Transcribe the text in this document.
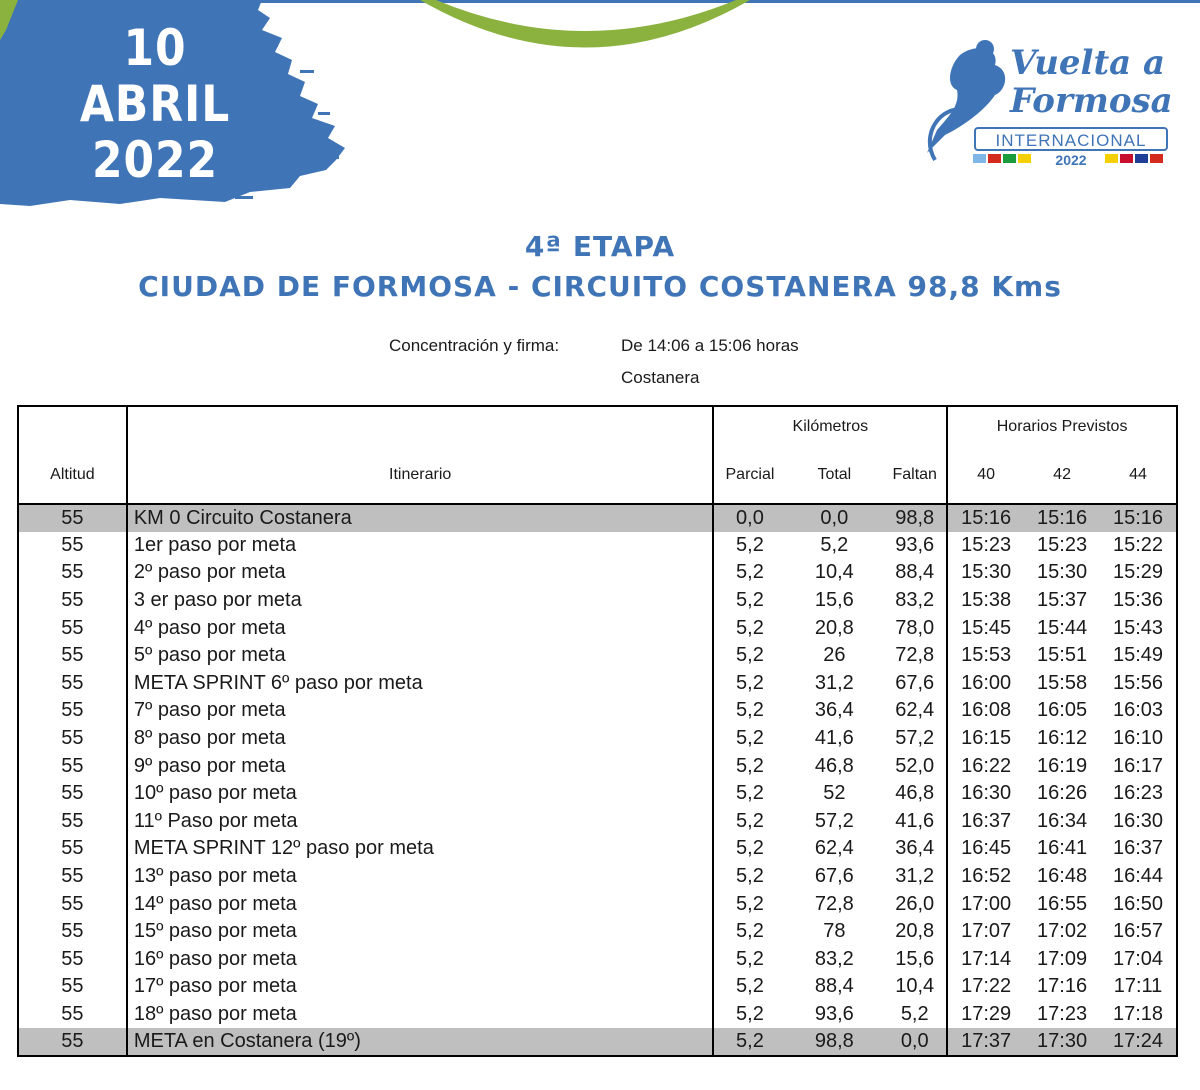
10
ABRIL
2022
Vuelta a
Formosa
INTERNACIONAL
2022
4ª ETAPA
CIUDAD DE FORMOSA - CIRCUITO COSTANERA 98,8 Kms
Concentración y firma:	De 14:06 a 15:06 horas
Costanera
		Kilómetros			Horarios Previstos		
Altitud	Itinerario	Parcial	Total	Faltan	40	42	44
55	KM 0 Circuito Costanera	0,0	0,0	98,8	15:16	15:16	15:16
55	1er paso por meta	5,2	5,2	93,6	15:23	15:23	15:22
55	2º paso por meta	5,2	10,4	88,4	15:30	15:30	15:29
55	3 er paso por meta	5,2	15,6	83,2	15:38	15:37	15:36
55	4º paso por meta	5,2	20,8	78,0	15:45	15:44	15:43
55	5º paso por meta	5,2	26	72,8	15:53	15:51	15:49
55	META SPRINT 6º paso por meta	5,2	31,2	67,6	16:00	15:58	15:56
55	7º paso por meta	5,2	36,4	62,4	16:08	16:05	16:03
55	8º paso por meta	5,2	41,6	57,2	16:15	16:12	16:10
55	9º paso por meta	5,2	46,8	52,0	16:22	16:19	16:17
55	10º paso por meta	5,2	52	46,8	16:30	16:26	16:23
55	11º Paso por meta	5,2	57,2	41,6	16:37	16:34	16:30
55	META SPRINT 12º paso por meta	5,2	62,4	36,4	16:45	16:41	16:37
55	13º paso por meta	5,2	67,6	31,2	16:52	16:48	16:44
55	14º paso por meta	5,2	72,8	26,0	17:00	16:55	16:50
55	15º paso por meta	5,2	78	20,8	17:07	17:02	16:57
55	16º paso por meta	5,2	83,2	15,6	17:14	17:09	17:04
55	17º paso por meta	5,2	88,4	10,4	17:22	17:16	17:11
55	18º paso por meta	5,2	93,6	5,2	17:29	17:23	17:18
55	META en Costanera (19º)	5,2	98,8	0,0	17:37	17:30	17:24
